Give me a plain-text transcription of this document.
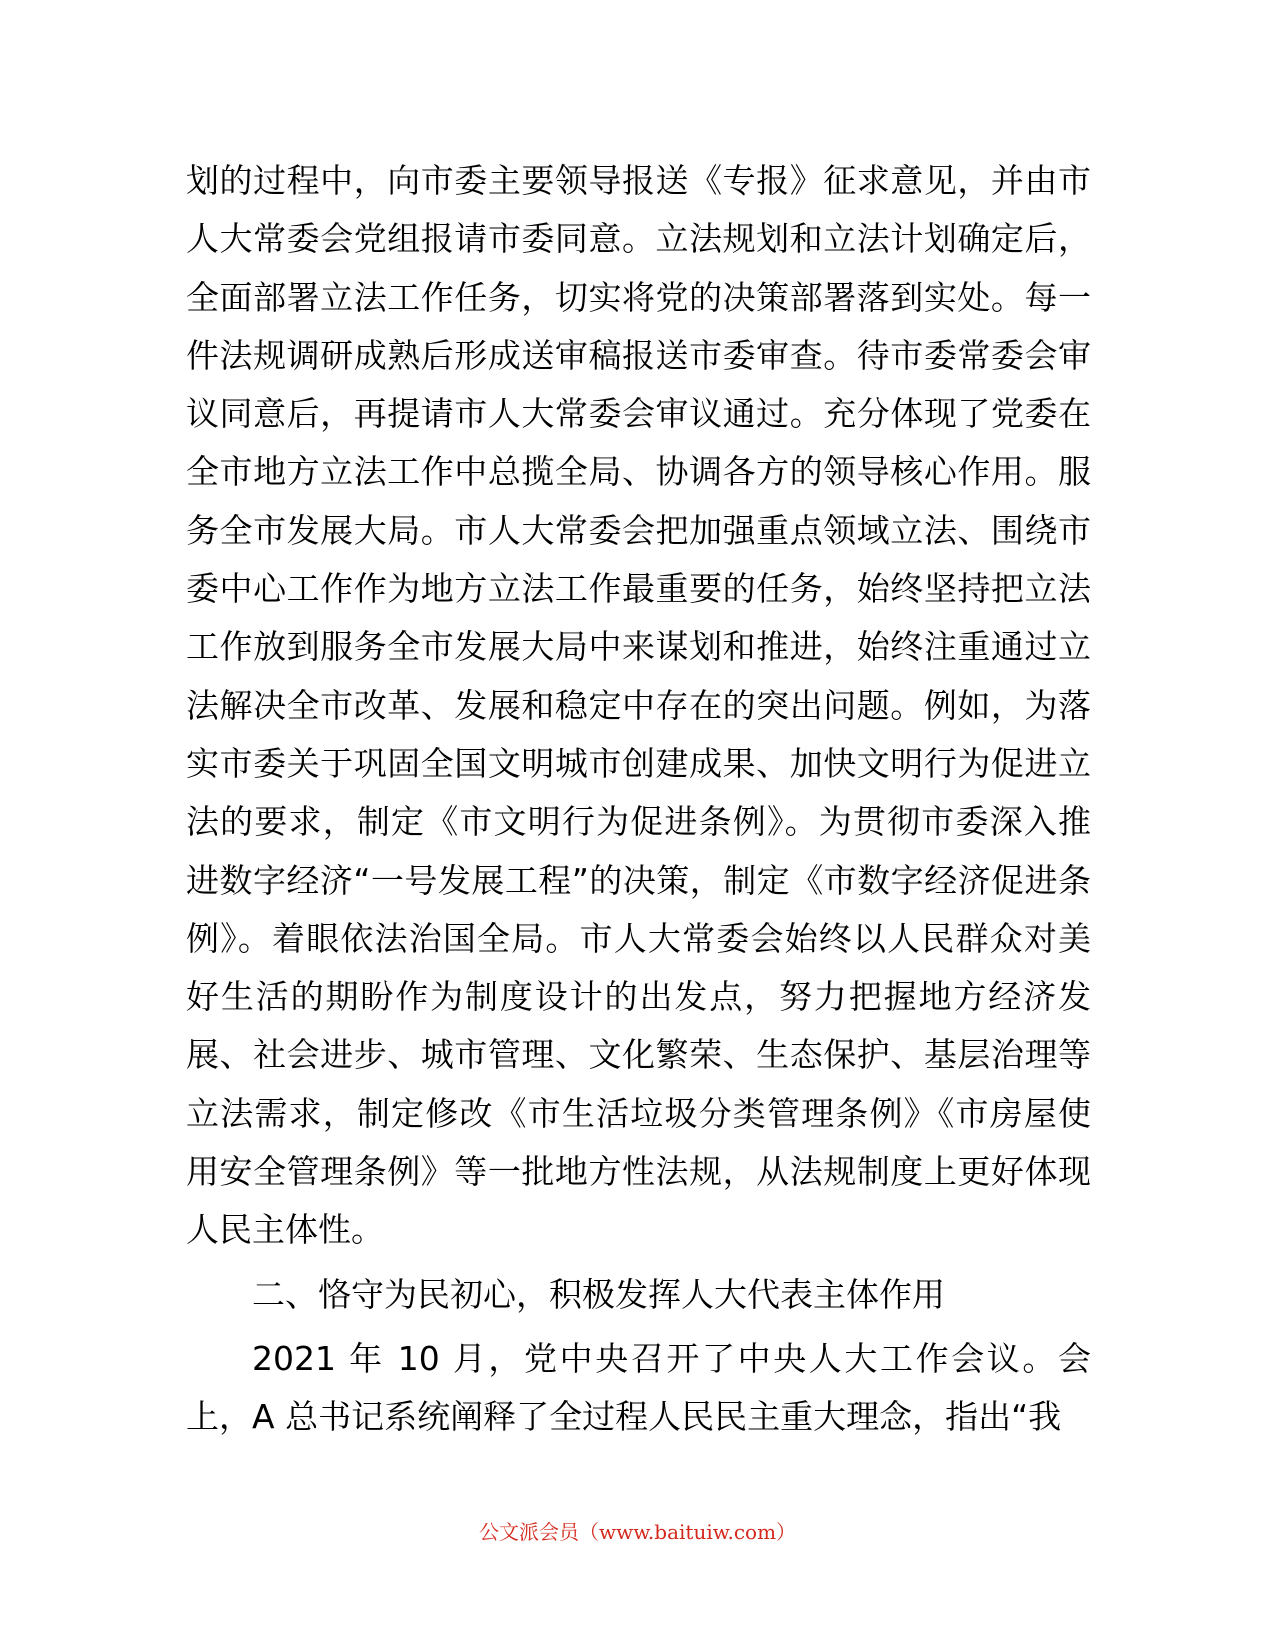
划的过程中，向市委主要领导报送《专报》征求意见，并由市人大常委会党组报请市委同意。立法规划和立法计划确定后，全面部署立法工作任务，切实将党的决策部署落到实处。每一件法规调研成熟后形成送审稿报送市委审查。待市委常委会审议同意后，再提请市人大常委会审议通过。充分体现了党委在全市地方立法工作中总揽全局、协调各方的领导核心作用。服务全市发展大局。市人大常委会把加强重点领域立法、围绕市委中心工作作为地方立法工作最重要的任务，始终坚持把立法工作放到服务全市发展大局中来谋划和推进，始终注重通过立法解决全市改革、发展和稳定中存在的突出问题。例如，为落实市委关于巩固全国文明城市创建成果、加快文明行为促进立法的要求，制定《市文明行为促进条例》。为贯彻市委深入推进数字经济“一号发展工程”的决策，制定《市数字经济促进条例》。着眼依法治国全局。市人大常委会始终以人民群众对美好生活的期盼作为制度设计的出发点，努力把握地方经济发展、社会进步、城市管理、文化繁荣、生态保护、基层治理等立法需求，制定修改《市生活垃圾分类管理条例》《市房屋使用安全管理条例》等一批地方性法规，从法规制度上更好体现人民主体性。

二、恪守为民初心，积极发挥人大代表主体作用

2021 年 10 月，党中央召开了中央人大工作会议。会上，A 总书记系统阐释了全过程人民民主重大理念，指出“我

公文派会员（www.baituiw.com）
